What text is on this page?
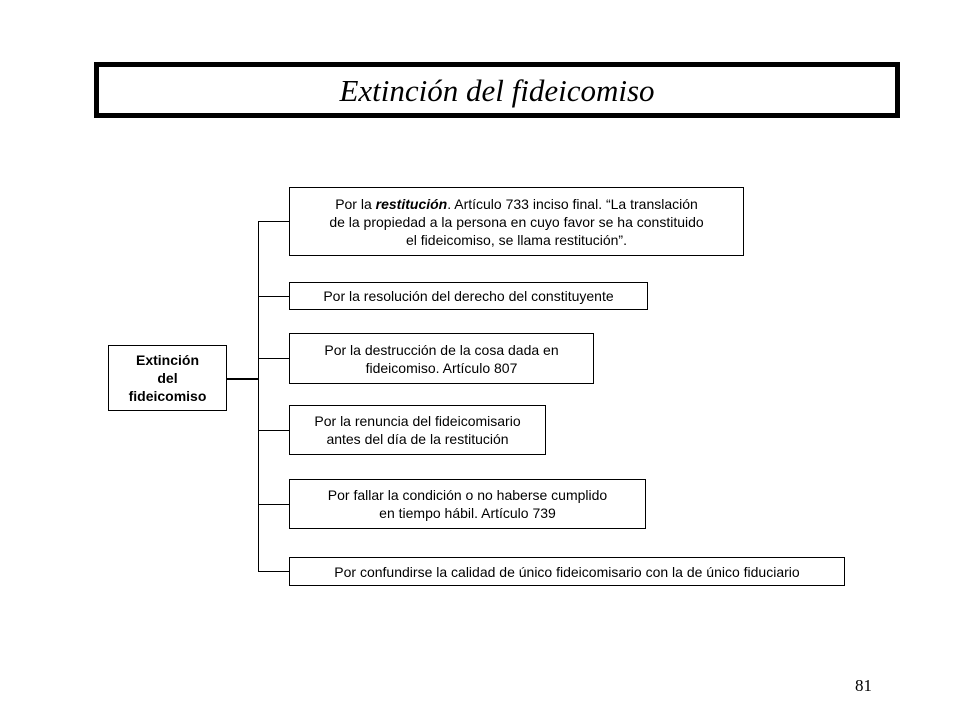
Extinción del fideicomiso
Extinción
del
fideicomiso
Por la restitución. Artículo 733 inciso final. “La translación
de la propiedad a la persona en cuyo favor se ha constituido
el fideicomiso, se llama restitución”.
Por la resolución del derecho del constituyente
Por la destrucción de la cosa dada en
fideicomiso. Artículo 807
Por la renuncia del fideicomisario
antes del día de la restitución
Por fallar la condición o no haberse cumplido
en tiempo hábil. Artículo 739
Por confundirse la calidad de único fideicomisario con la de único fiduciario
81
